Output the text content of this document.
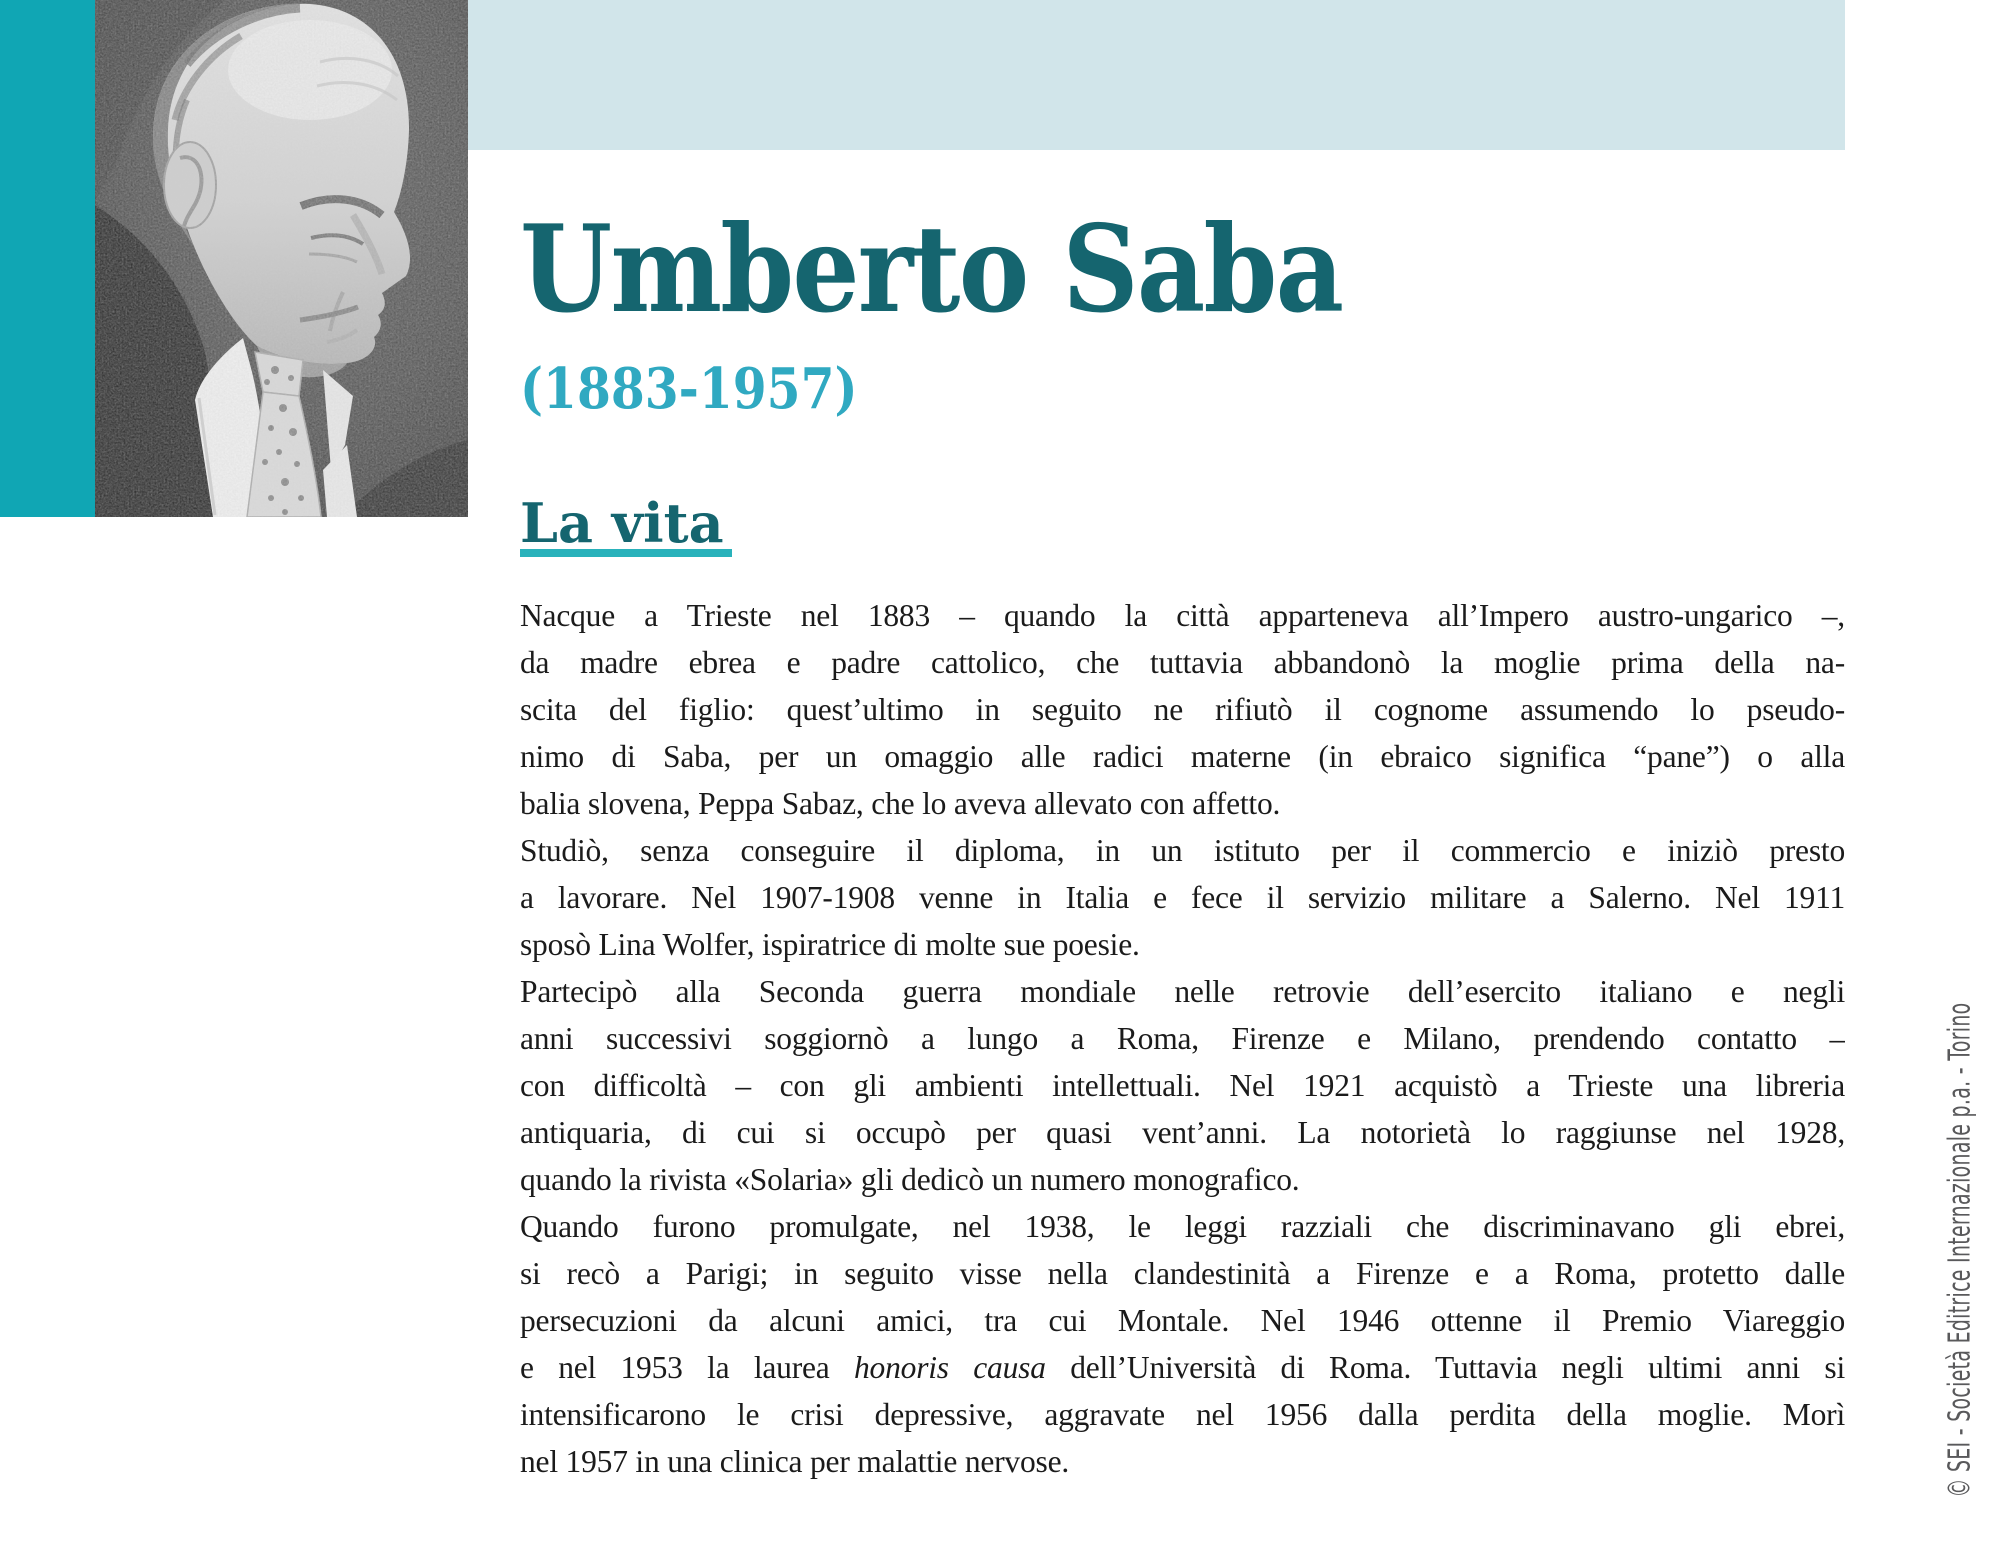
Umberto Saba
(1883-1957)
La vita
Nacque a Trieste nel 1883 – quando la città apparteneva all’Impero austro-ungarico –,
da madre ebrea e padre cattolico, che tuttavia abbandonò la moglie prima della na-
scita del figlio: quest’ultimo in seguito ne rifiutò il cognome assumendo lo pseudo-
nimo di Saba, per un omaggio alle radici materne (in ebraico significa “pane”) o alla
balia slovena, Peppa Sabaz, che lo aveva allevato con affetto.
Studiò, senza conseguire il diploma, in un istituto per il commercio e iniziò presto
a lavorare. Nel 1907-1908 venne in Italia e fece il servizio militare a Salerno. Nel 1911
sposò Lina Wolfer, ispiratrice di molte sue poesie.
Partecipò alla Seconda guerra mondiale nelle retrovie dell’esercito italiano e negli
anni successivi soggiornò a lungo a Roma, Firenze e Milano, prendendo contatto –
con difficoltà – con gli ambienti intellettuali. Nel 1921 acquistò a Trieste una libreria
antiquaria, di cui si occupò per quasi vent’anni. La notorietà lo raggiunse nel 1928,
quando la rivista «Solaria» gli dedicò un numero monografico.
Quando furono promulgate, nel 1938, le leggi razziali che discriminavano gli ebrei,
si recò a Parigi; in seguito visse nella clandestinità a Firenze e a Roma, protetto dalle
persecuzioni da alcuni amici, tra cui Montale. Nel 1946 ottenne il Premio Viareggio
e nel 1953 la laurea honoris causa dell’Università di Roma. Tuttavia negli ultimi anni si
intensificarono le crisi depressive, aggravate nel 1956 dalla perdita della moglie. Morì
nel 1957 in una clinica per malattie nervose.	© SEI - Società Editrice Internazionale p.a. - Torino
